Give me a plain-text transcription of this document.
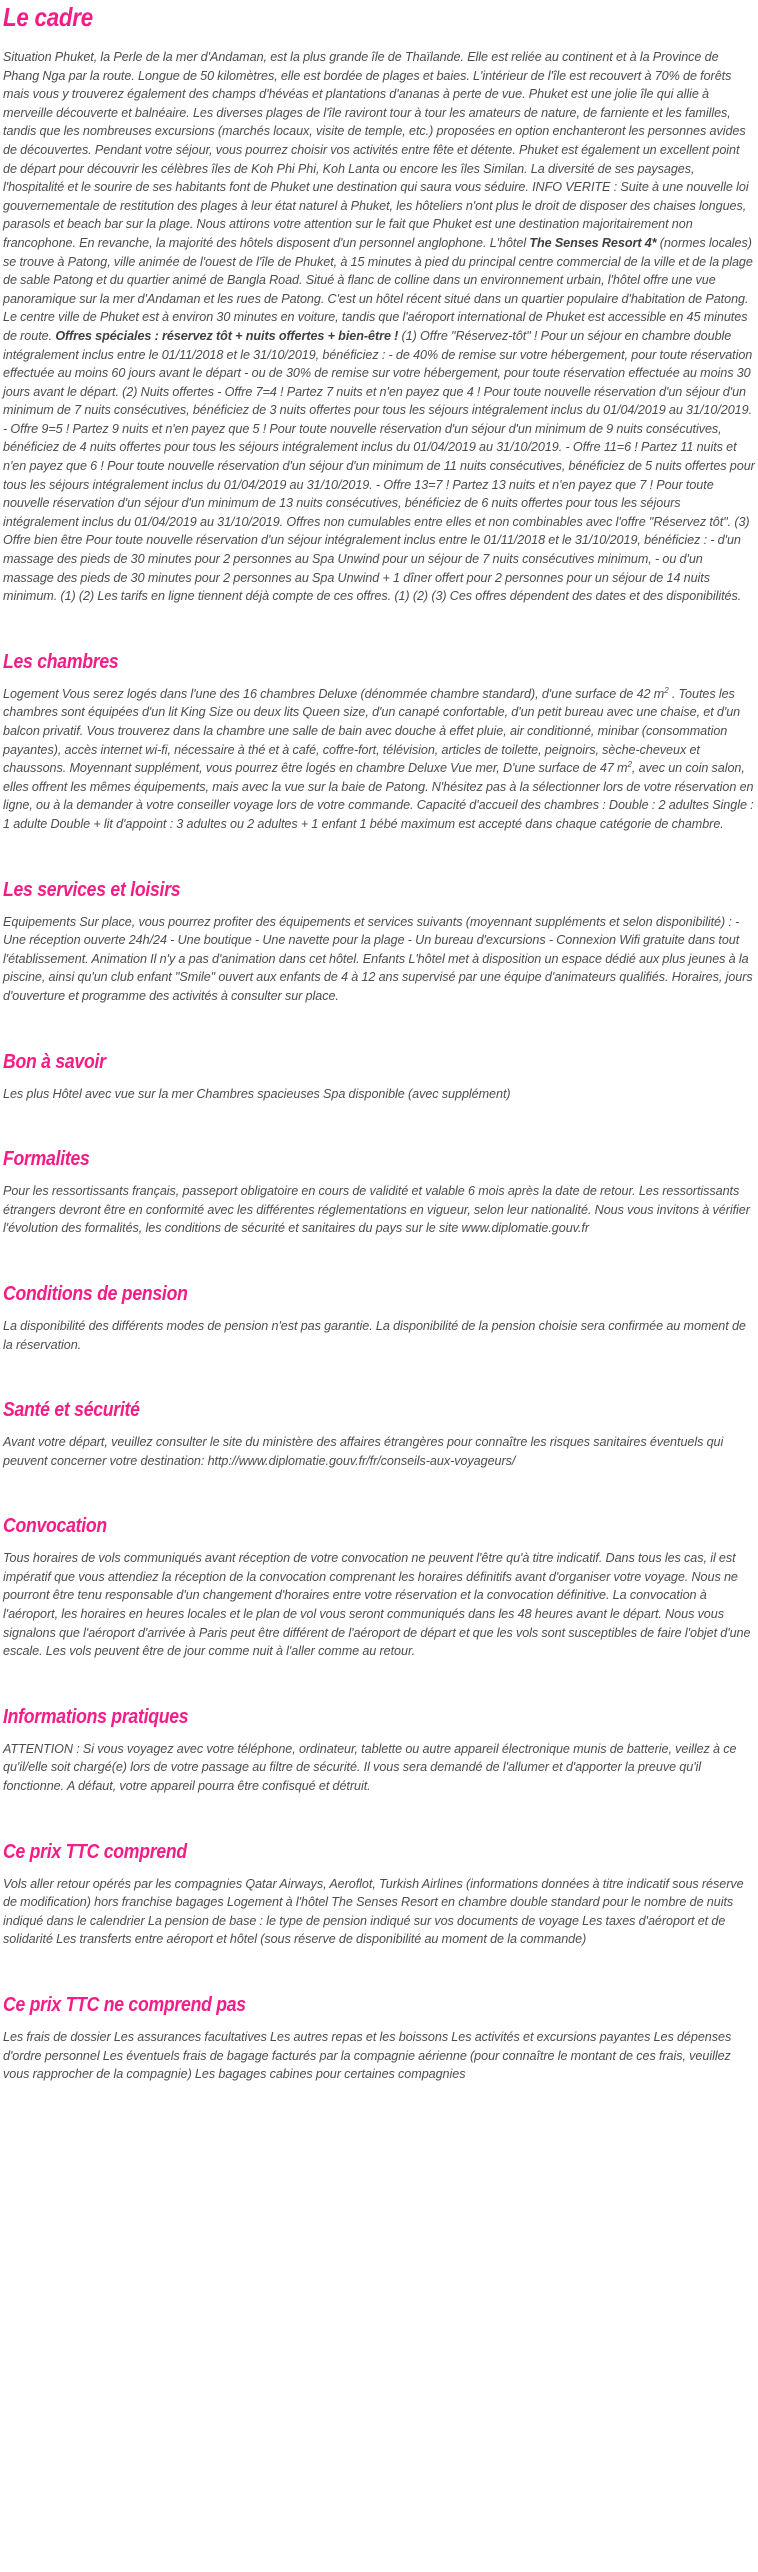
Le cadre

Situation Phuket, la Perle de la mer d'Andaman, est la plus grande île de Thaïlande. Elle est reliée au continent et à la Province de Phang Nga par la route. Longue de 50 kilomètres, elle est bordée de plages et baies. L'intérieur de l'île est recouvert à 70% de forêts mais vous y trouverez également des champs d'hévéas et plantations d'ananas à perte de vue. Phuket est une jolie île qui allie à merveille découverte et balnéaire. Les diverses plages de l'île raviront tour à tour les amateurs de nature, de farniente et les familles, tandis que les nombreuses excursions (marchés locaux, visite de temple, etc.) proposées en option enchanteront les personnes avides de découvertes. Pendant votre séjour, vous pourrez choisir vos activités entre fête et détente. Phuket est également un excellent point de départ pour découvrir les célèbres îles de Koh Phi Phi, Koh Lanta ou encore les îles Similan. La diversité de ses paysages, l'hospitalité et le sourire de ses habitants font de Phuket une destination qui saura vous séduire. INFO VERITE : Suite à une nouvelle loi gouvernementale de restitution des plages à leur état naturel à Phuket, les hôteliers n'ont plus le droit de disposer des chaises longues, parasols et beach bar sur la plage. Nous attirons votre attention sur le fait que Phuket est une destination majoritairement non francophone. En revanche, la majorité des hôtels disposent d'un personnel anglophone. L'hôtel The Senses Resort 4* (normes locales) se trouve à Patong, ville animée de l'ouest de l'île de Phuket, à 15 minutes à pied du principal centre commercial de la ville et de la plage de sable Patong et du quartier animé de Bangla Road. Situé à flanc de colline dans un environnement urbain, l'hôtel offre une vue panoramique sur la mer d'Andaman et les rues de Patong. C'est un hôtel récent situé dans un quartier populaire d'habitation de Patong. Le centre ville de Phuket est à environ 30 minutes en voiture, tandis que l'aéroport international de Phuket est accessible en 45 minutes de route. Offres spéciales : réservez tôt + nuits offertes + bien-être ! (1) Offre "Réservez-tôt" ! Pour un séjour en chambre double intégralement inclus entre le 01/11/2018 et le 31/10/2019, bénéficiez : - de 40% de remise sur votre hébergement, pour toute réservation effectuée au moins 60 jours avant le départ - ou de 30% de remise sur votre hébergement, pour toute réservation effectuée au moins 30 jours avant le départ. (2) Nuits offertes - Offre 7=4 ! Partez 7 nuits et n'en payez que 4 ! Pour toute nouvelle réservation d'un séjour d'un minimum de 7 nuits consécutives, bénéficiez de 3 nuits offertes pour tous les séjours intégralement inclus du 01/04/2019 au 31/10/2019. - Offre 9=5 ! Partez 9 nuits et n'en payez que 5 ! Pour toute nouvelle réservation d'un séjour d'un minimum de 9 nuits consécutives, bénéficiez de 4 nuits offertes pour tous les séjours intégralement inclus du 01/04/2019 au 31/10/2019. - Offre 11=6 ! Partez 11 nuits et n'en payez que 6 ! Pour toute nouvelle réservation d'un séjour d'un minimum de 11 nuits consécutives, bénéficiez de 5 nuits offertes pour tous les séjours intégralement inclus du 01/04/2019 au 31/10/2019. - Offre 13=7 ! Partez 13 nuits et n'en payez que 7 ! Pour toute nouvelle réservation d'un séjour d'un minimum de 13 nuits consécutives, bénéficiez de 6 nuits offertes pour tous les séjours intégralement inclus du 01/04/2019 au 31/10/2019. Offres non cumulables entre elles et non combinables avec l'offre "Réservez tôt". (3) Offre bien être Pour toute nouvelle réservation d'un séjour intégralement inclus entre le 01/11/2018 et le 31/10/2019, bénéficiez : - d'un massage des pieds de 30 minutes pour 2 personnes au Spa Unwind pour un séjour de 7 nuits consécutives minimum, - ou d'un massage des pieds de 30 minutes pour 2 personnes au Spa Unwind + 1 dîner offert pour 2 personnes pour un séjour de 14 nuits minimum. (1) (2) Les tarifs en ligne tiennent déjà compte de ces offres. (1) (2) (3) Ces offres dépendent des dates et des disponibilités.

Les chambres

Logement Vous serez logés dans l'une des 16 chambres Deluxe (dénommée chambre standard), d'une surface de 42 $m^2$ . Toutes les chambres sont équipées d'un lit King Size ou deux lits Queen size, d'un canapé confortable, d'un petit bureau avec une chaise, et d'un balcon privatif. Vous trouverez dans la chambre une salle de bain avec douche à effet pluie, air conditionné, minibar (consommation payantes), accès internet wi-fi, nécessaire à thé et à café, coffre-fort, télévision, articles de toilette, peignoirs, sèche-cheveux et chaussons. Moyennant supplément, vous pourrez être logés en chambre Deluxe Vue mer, D'une surface de 47 $m^2$, avec un coin salon, elles offrent les mêmes équipements, mais avec la vue sur la baie de Patong. N'hésitez pas à la sélectionner lors de votre réservation en ligne, ou à la demander à votre conseiller voyage lors de votre commande. Capacité d'accueil des chambres : Double : 2 adultes Single : 1 adulte Double + lit d'appoint : 3 adultes ou 2 adultes + 1 enfant 1 bébé maximum est accepté dans chaque catégorie de chambre.

Les services et loisirs

Equipements Sur place, vous pourrez profiter des équipements et services suivants (moyennant suppléments et selon disponibilité) : - Une réception ouverte 24h/24 - Une boutique - Une navette pour la plage - Un bureau d'excursions - Connexion Wifi gratuite dans tout l'établissement. Animation Il n'y a pas d'animation dans cet hôtel. Enfants L'hôtel met à disposition un espace dédié aux plus jeunes à la piscine, ainsi qu'un club enfant "Smile" ouvert aux enfants de 4 à 12 ans supervisé par une équipe d'animateurs qualifiés. Horaires, jours d'ouverture et programme des activités à consulter sur place.

Bon à savoir

Les plus Hôtel avec vue sur la mer Chambres spacieuses Spa disponible (avec supplément)

Formalites

Pour les ressortissants français, passeport obligatoire en cours de validité et valable 6 mois après la date de retour. Les ressortissants étrangers devront être en conformité avec les différentes réglementations en vigueur, selon leur nationalité. Nous vous invitons à vérifier l'évolution des formalités, les conditions de sécurité et sanitaires du pays sur le site www.diplomatie.gouv.fr

Conditions de pension

La disponibilité des différents modes de pension n'est pas garantie. La disponibilité de la pension choisie sera confirmée au moment de la réservation.

Santé et sécurité

Avant votre départ, veuillez consulter le site du ministère des affaires étrangères pour connaître les risques sanitaires éventuels qui peuvent concerner votre destination: http://www.diplomatie.gouv.fr/fr/conseils-aux-voyageurs/

Convocation

Tous horaires de vols communiqués avant réception de votre convocation ne peuvent l'être qu'à titre indicatif. Dans tous les cas, il est impératif que vous attendiez la réception de la convocation comprenant les horaires définitifs avant d'organiser votre voyage. Nous ne pourront être tenu responsable d'un changement d'horaires entre votre réservation et la convocation définitive. La convocation à l'aéroport, les horaires en heures locales et le plan de vol vous seront communiqués dans les 48 heures avant le départ. Nous vous signalons que l'aéroport d'arrivée à Paris peut être différent de l'aéroport de départ et que les vols sont susceptibles de faire l'objet d'une escale. Les vols peuvent être de jour comme nuit à l'aller comme au retour.

Informations pratiques

ATTENTION : Si vous voyagez avec votre téléphone, ordinateur, tablette ou autre appareil électronique munis de batterie, veillez à ce qu'il/elle soit chargé(e) lors de votre passage au filtre de sécurité. Il vous sera demandé de l'allumer et d'apporter la preuve qu'il fonctionne. A défaut, votre appareil pourra être confisqué et détruit.

Ce prix TTC comprend

Vols aller retour opérés par les compagnies Qatar Airways, Aeroflot, Turkish Airlines (informations données à titre indicatif sous réserve de modification) hors franchise bagages Logement à l'hôtel The Senses Resort en chambre double standard pour le nombre de nuits indiqué dans le calendrier La pension de base : le type de pension indiqué sur vos documents de voyage Les taxes d'aéroport et de solidarité Les transferts entre aéroport et hôtel (sous réserve de disponibilité au moment de la commande)

Ce prix TTC ne comprend pas

Les frais de dossier Les assurances facultatives Les autres repas et les boissons Les activités et excursions payantes Les dépenses d'ordre personnel Les éventuels frais de bagage facturés par la compagnie aérienne (pour connaître le montant de ces frais, veuillez vous rapprocher de la compagnie) Les bagages cabines pour certaines compagnies
